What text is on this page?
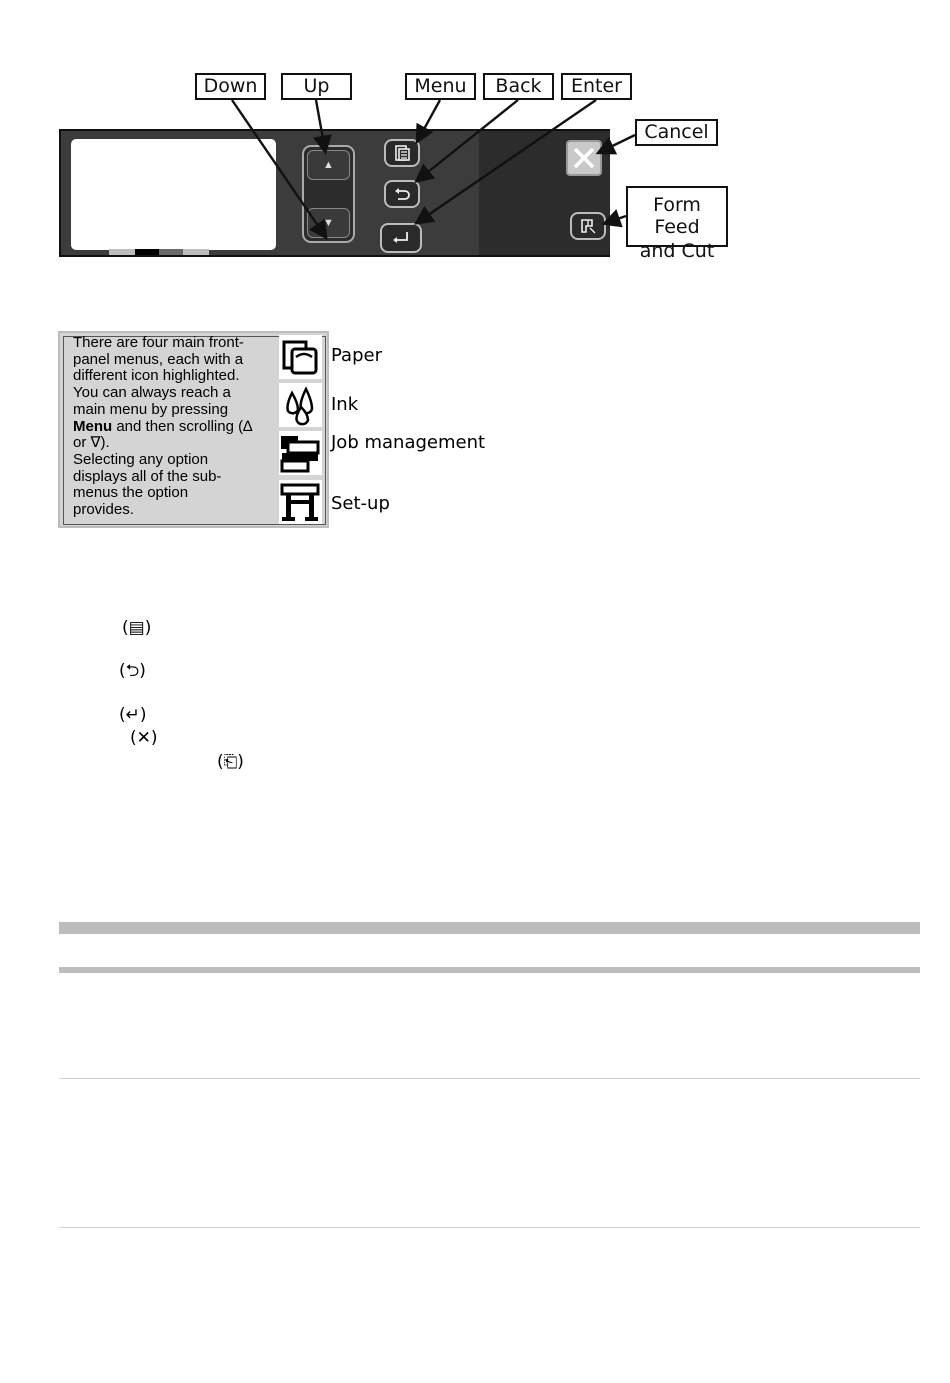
Down	Up	Menu	Back	Enter
Cancel
Form Feed
and Cut
▲
▼
There are four main front-
panel menus, each with a
different icon highlighted.
You can always reach a
main menu by pressing
Menu and then scrolling (∆
or ∇).
Selecting any option
displays all of the sub-
menus the option
provides.
Paper
Ink
Job management
Set-up
(▤)
(⮌)
(↵)
(✕)
(⎗)
